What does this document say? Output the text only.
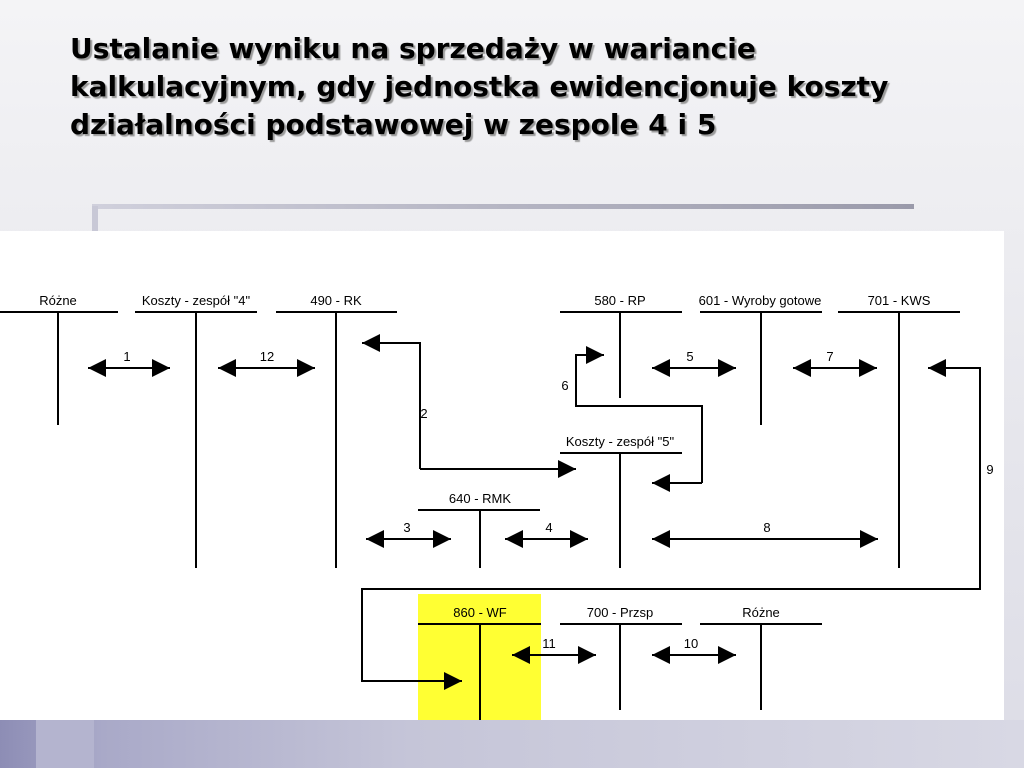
Ustalanie wyniku na sprzedaży w wariancie kalkulacyjnym, gdy jednostka ewidencjonuje koszty działalności podstawowej w zespole 4 i 5
Różne	Koszty - zespół "4"	490 - RK	580 - RP	601 - Wyroby gotowe	701 - KWS
Koszty - zespół "5"
640 - RMK
860 - WF	700 - Przsp	Różne
1	12	5	7
6
2
9
3	4	8
11	10
